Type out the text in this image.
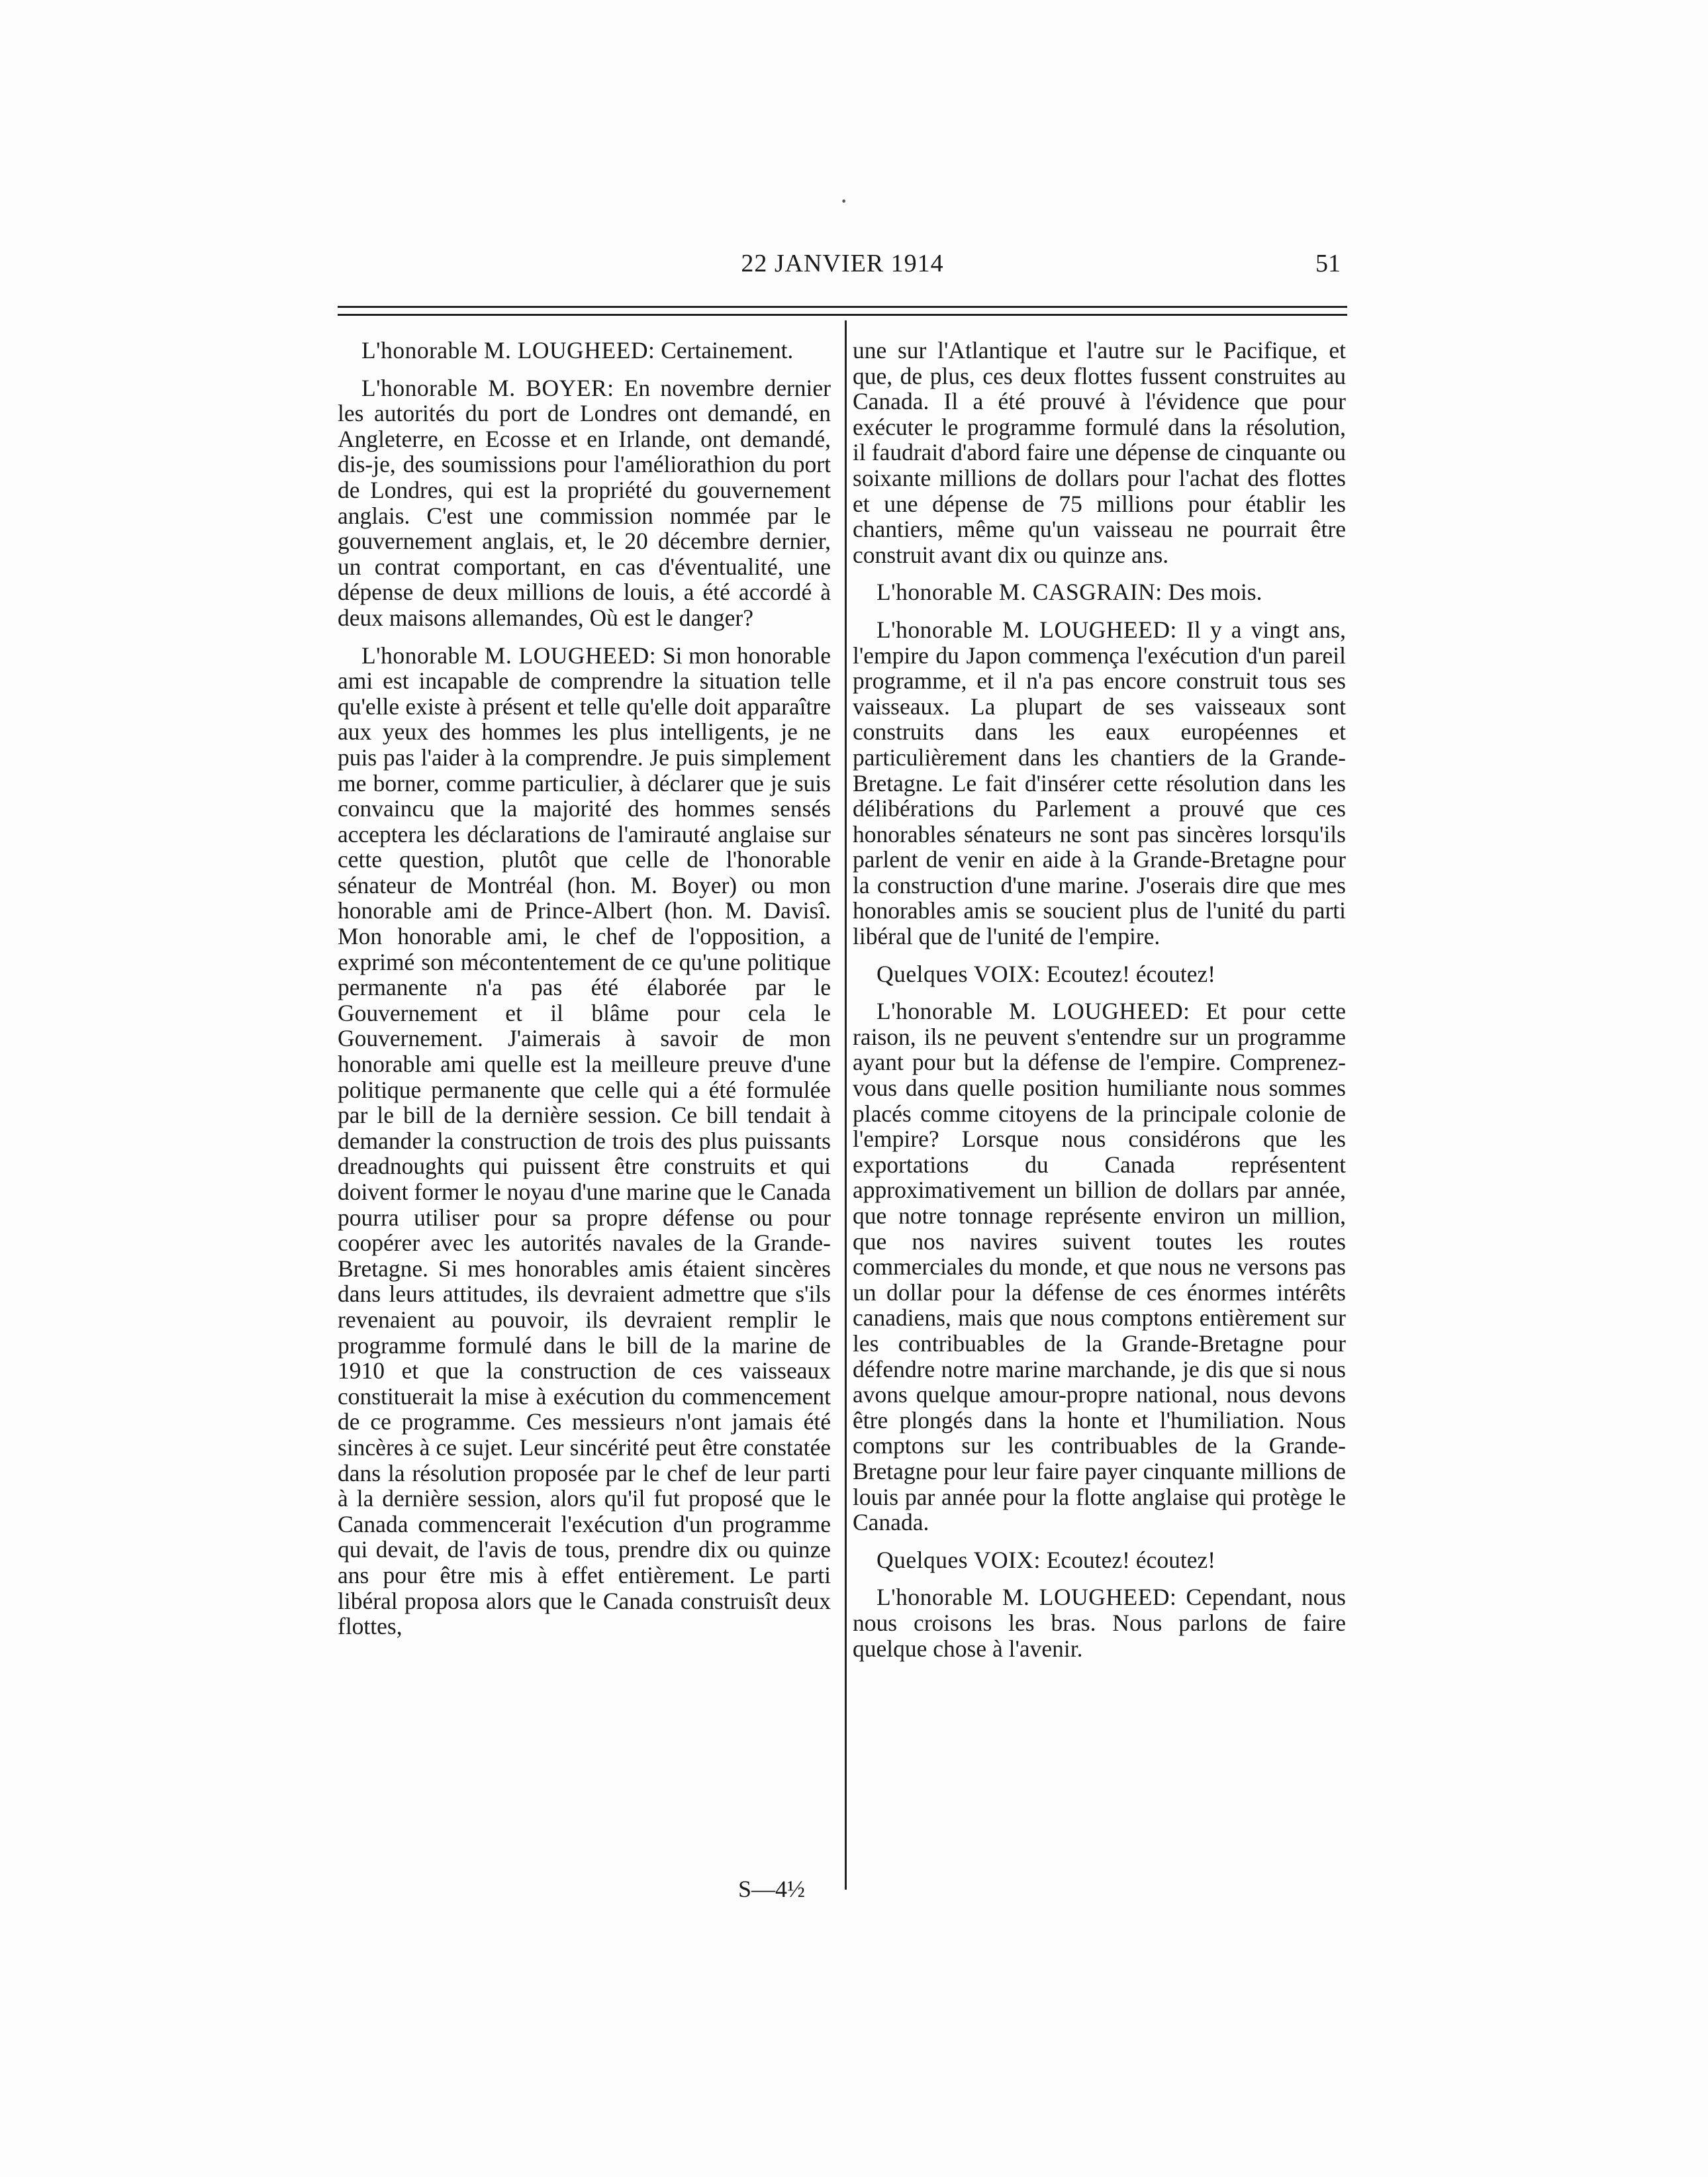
·
22 JANVIER 1914	51

L'honorable M. LOUGHEED: Certainement.

L'honorable M. BOYER: En novembre dernier les autorités du port de Londres ont demandé, en Angleterre, en Ecosse et en Irlande, ont demandé, dis-je, des soumissions pour l'améliorathion du port de Londres, qui est la propriété du gouvernement anglais. C'est une commission nommée par le gouvernement anglais, et, le 20 décembre dernier, un contrat comportant, en cas d'éventualité, une dépense de deux millions de louis, a été accordé à deux maisons allemandes, Où est le danger?

L'honorable M. LOUGHEED: Si mon honorable ami est incapable de comprendre la situation telle qu'elle existe à présent et telle qu'elle doit apparaître aux yeux des hommes les plus intelligents, je ne puis pas l'aider à la comprendre. Je puis simplement me borner, comme particulier, à déclarer que je suis convaincu que la majorité des hommes sensés acceptera les déclarations de l'amirauté anglaise sur cette question, plutôt que celle de l'honorable sénateur de Montréal (hon. M. Boyer) ou mon honorable ami de Prince-Albert (hon. M. Davisî. Mon honorable ami, le chef de l'opposition, a exprimé son mécontentement de ce qu'une politique permanente n'a pas été élaborée par le Gouvernement et il blâme pour cela le Gouvernement. J'aimerais à savoir de mon honorable ami quelle est la meilleure preuve d'une politique permanente que celle qui a été formulée par le bill de la dernière session. Ce bill tendait à demander la construction de trois des plus puissants dreadnoughts qui puissent être construits et qui doivent former le noyau d'une marine que le Canada pourra utiliser pour sa propre défense ou pour coopérer avec les autorités navales de la Grande-Bretagne. Si mes honorables amis étaient sincères dans leurs attitudes, ils devraient admettre que s'ils revenaient au pouvoir, ils devraient remplir le programme formulé dans le bill de la marine de 1910 et que la construction de ces vaisseaux constituerait la mise à exécution du commencement de ce programme. Ces messieurs n'ont jamais été sincères à ce sujet. Leur sincérité peut être constatée dans la résolution proposée par le chef de leur parti à la dernière session, alors qu'il fut proposé que le Canada commencerait l'exécution d'un programme qui devait, de l'avis de tous, prendre dix ou quinze ans pour être mis à effet entièrement. Le parti libéral proposa alors que le Canada construisît deux flottes,

une sur l'Atlantique et l'autre sur le Pacifique, et que, de plus, ces deux flottes fussent construites au Canada. Il a été prouvé à l'évidence que pour exécuter le programme formulé dans la résolution, il faudrait d'abord faire une dépense de cinquante ou soixante millions de dollars pour l'achat des flottes et une dépense de 75 millions pour établir les chantiers, même qu'un vaisseau ne pourrait être construit avant dix ou quinze ans.

L'honorable M. CASGRAIN: Des mois.

L'honorable M. LOUGHEED: Il y a vingt ans, l'empire du Japon commença l'exécution d'un pareil programme, et il n'a pas encore construit tous ses vaisseaux. La plupart de ses vaisseaux sont construits dans les eaux européennes et particulièrement dans les chantiers de la Grande-Bretagne. Le fait d'insérer cette résolution dans les délibérations du Parlement a prouvé que ces honorables sénateurs ne sont pas sincères lorsqu'ils parlent de venir en aide à la Grande-Bretagne pour la construction d'une marine. J'oserais dire que mes honorables amis se soucient plus de l'unité du parti libéral que de l'unité de l'empire.

Quelques VOIX: Ecoutez! écoutez!

L'honorable M. LOUGHEED: Et pour cette raison, ils ne peuvent s'entendre sur un programme ayant pour but la défense de l'empire. Comprenez-vous dans quelle position humiliante nous sommes placés comme citoyens de la principale colonie de l'empire? Lorsque nous considérons que les exportations du Canada représentent approximativement un billion de dollars par année, que notre tonnage représente environ un million, que nos navires suivent toutes les routes commerciales du monde, et que nous ne versons pas un dollar pour la défense de ces énormes intérêts canadiens, mais que nous comptons entièrement sur les contribuables de la Grande-Bretagne pour défendre notre marine marchande, je dis que si nous avons quelque amour-propre national, nous devons être plongés dans la honte et l'humiliation. Nous comptons sur les contribuables de la Grande-Bretagne pour leur faire payer cinquante millions de louis par année pour la flotte anglaise qui protège le Canada.

Quelques VOIX: Ecoutez! écoutez!

L'honorable M. LOUGHEED: Cependant, nous nous croisons les bras. Nous parlons de faire quelque chose à l'avenir.

S—4½
